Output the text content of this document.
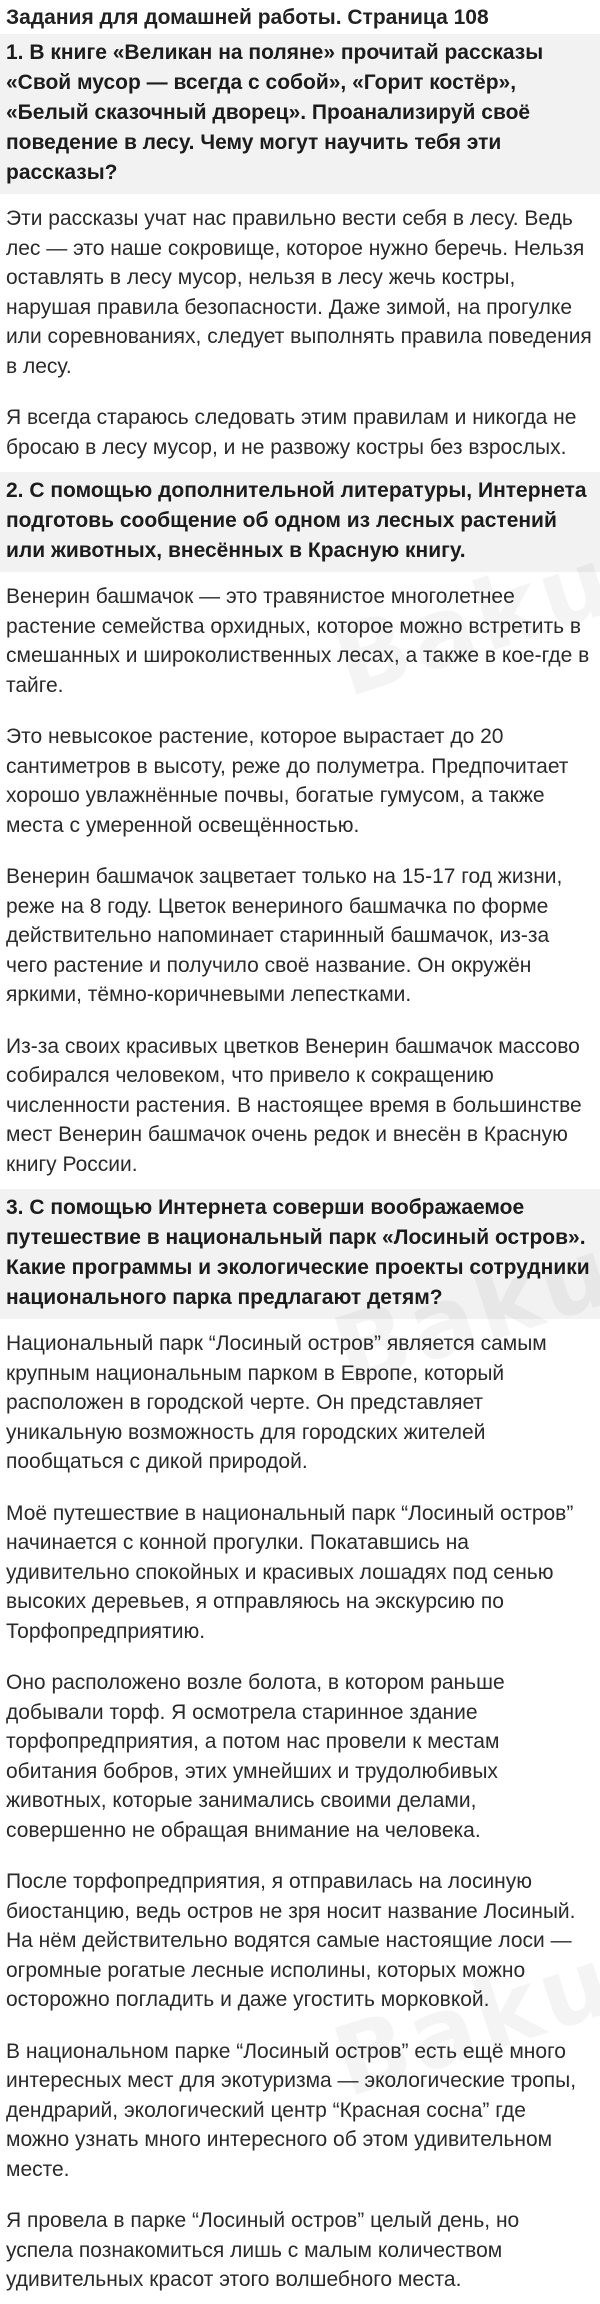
Задания для домашней работы. Страница 108

1. В книге «Великан на поляне» прочитай рассказы «Свой мусор — всегда с собой», «Горит костёр», «Белый сказочный дворец». Проанализируй своё поведение в лесу. Чему могут научить тебя эти рассказы?

Эти рассказы учат нас правильно вести себя в лесу. Ведь лес — это наше сокровище, которое нужно беречь. Нельзя оставлять в лесу мусор, нельзя в лесу жечь костры, нарушая правила безопасности. Даже зимой, на прогулке или соревнованиях, следует выполнять правила поведения в лесу.

Я всегда стараюсь следовать этим правилам и никогда не бросаю в лесу мусор, и не развожу костры без взрослых.

2. С помощью дополнительной литературы, Интернета подготовь сообщение об одном из лесных растений или животных, внесённых в Красную книгу.

Венерин башмачок — это травянистое многолетнее растение семейства орхидных, которое можно встретить в смешанных и широколиственных лесах, а также в кое-где в тайге.

Это невысокое растение, которое вырастает до 20 сантиметров в высоту, реже до полуметра. Предпочитает хорошо увлажнённые почвы, богатые гумусом, а также места с умеренной освещённостью.

Венерин башмачок зацветает только на 15-17 год жизни, реже на 8 году. Цветок венериного башмачка по форме действительно напоминает старинный башмачок, из-за чего растение и получило своё название. Он окружён яркими, тёмно-коричневыми лепестками.

Из-за своих красивых цветков Венерин башмачок массово собирался человеком, что привело к сокращению численности растения. В настоящее время в большинстве мест Венерин башмачок очень редок и внесён в Красную книгу России.

3. С помощью Интернета соверши воображаемое путешествие в национальный парк «Лосиный остров». Какие программы и экологические проекты сотрудники национального парка предлагают детям?

Национальный парк “Лосиный остров” является самым крупным национальным парком в Европе, который расположен в городской черте. Он представляет уникальную возможность для городских жителей пообщаться с дикой природой.

Моё путешествие в национальный парк “Лосиный остров” начинается с конной прогулки. Покатавшись на удивительно спокойных и красивых лошадях под сенью высоких деревьев, я отправляюсь на экскурсию по Торфопредприятию.

Оно расположено возле болота, в котором раньше добывали торф. Я осмотрела старинное здание торфопредприятия, а потом нас провели к местам обитания бобров, этих умнейших и трудолюбивых животных, которые занимались своими делами, совершенно не обращая внимание на человека.

После торфопредприятия, я отправилась на лосиную биостанцию, ведь остров не зря носит название Лосиный. На нём действительно водятся самые настоящие лоси — огромные рогатые лесные исполины, которых можно осторожно погладить и даже угостить морковкой.

В национальном парке “Лосиный остров” есть ещё много интересных мест для экотуризма — экологические тропы, дендрарий, экологический центр “Красная сосна” где можно узнать много интересного об этом удивительном месте.

Я провела в парке “Лосиный остров” целый день, но успела познакомиться лишь с малым количеством удивительных красот этого волшебного места.
